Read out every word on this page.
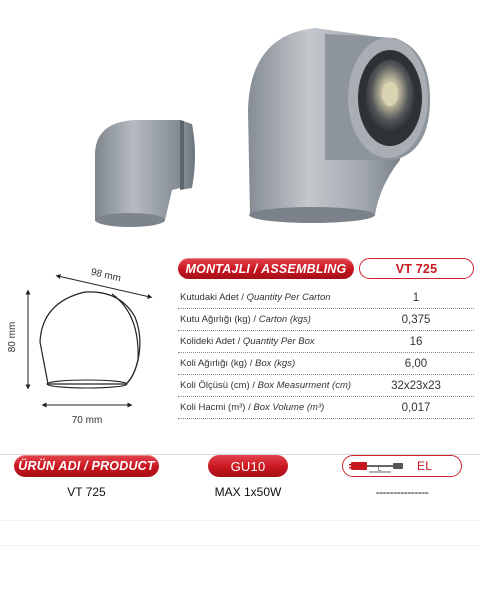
98 mm
80 mm
70 mm
MONTAJLI / ASSEMBLING	VT 725
Kutudaki Adet / Quantity Per Carton	1
Kutu Ağırlığı (kg) / Carton (kgs)	0,375
Kolideki Adet / Quantity Per Box	16
Koli Ağırlığı (kg) / Box (kgs)	6,00
Koli Ölçüsü (cm) / Box Measurment (cm)	32x23x23
Koli Hacmi (m³) / Box Volume (m³)	0,017
ÜRÜN ADI / PRODUCT	GU10	L	EL
VT 725	MAX 1x50W	---------------
